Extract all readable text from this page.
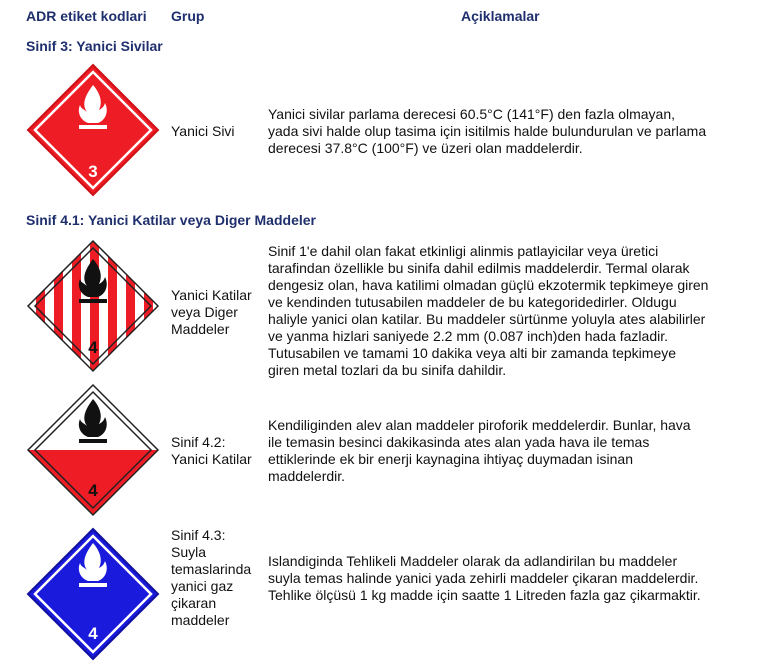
ADR etiket kodlari Grup	Açiklamalar
Sinif 3: Yanici Sivilar
3
Yanici Sivi
Yanici sivilar parlama derecesi 60.5°C (141°F) den fazla olmayan,
yada sivi halde olup tasima için isitilmis halde bulundurulan ve parlama
derecesi 37.8°C (100°F) ve üzeri olan maddelerdir.
Sinif 4.1: Yanici Katilar veya Diger Maddeler
4
Yanici Katilar
veya Diger
Maddeler
Sinif 1'e dahil olan fakat etkinligi alinmis patlayicilar veya üretici
tarafindan özellikle bu sinifa dahil edilmis maddelerdir. Termal olarak
dengesiz olan, hava katilimi olmadan güçlü ekzotermik tepkimeye giren
ve kendinden tutusabilen maddeler de bu kategoridedirler. Oldugu
haliyle yanici olan katilar. Bu maddeler sürtünme yoluyla ates alabilirler
ve yanma hizlari saniyede 2.2 mm (0.087 inch)den hada fazladir.
Tutusabilen ve tamami 10 dakika veya alti bir zamanda tepkimeye
giren metal tozlari da bu sinifa dahildir.
4
Sinif 4.2:
Yanici Katilar
Kendiliginden alev alan maddeler piroforik meddelerdir. Bunlar, hava
ile temasin besinci dakikasinda ates alan yada hava ile temas
ettiklerinde ek bir enerji kaynagina ihtiyaç duymadan isinan
maddelerdir.
4
Sinif 4.3:
Suyla
temaslarinda
yanici gaz
çikaran
maddeler
Islandiginda Tehlikeli Maddeler olarak da adlandirilan bu maddeler
suyla temas halinde yanici yada zehirli maddeler çikaran maddelerdir.
Tehlike ölçüsü 1 kg madde için saatte 1 Litreden fazla gaz çikarmaktir.
